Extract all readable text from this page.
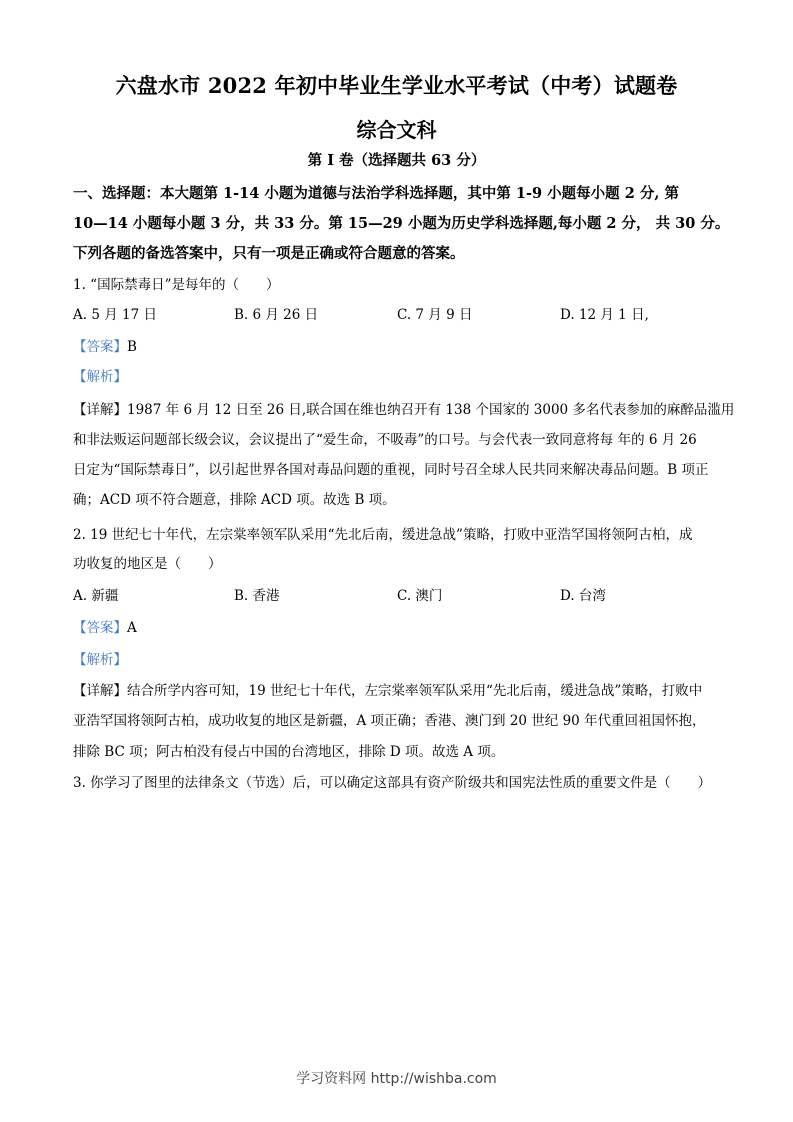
六盘水市 2022 年初中毕业生学业水平考试（中考）试题卷
综合文科
第 I 卷（选择题共 63 分）
一、选择题：本大题第 1-14 小题为道德与法治学科选择题，其中第 1-9 小题每小题 2 分, 第
10—14 小题每小题 3 分，共 33 分。第 15—29 小题为历史学科选择题,每小题 2 分， 共 30 分。
下列各题的备选答案中，只有一项是正确或符合题意的答案。
1. “国际禁毒日”是每年的（　　）
A. 5 月 17 日	B. 6 月 26 日	C. 7 月 9 日	D. 12 月 1 日,
【答案】B
【解析】
【详解】1987 年 6 月 12 日至 26 日,联合国在维也纳召开有 138 个国家的 3000 多名代表参加的麻醉品滥用
和非法贩运问题部长级会议，会议提出了“爱生命，不吸毒”的口号。与会代表一致同意将每 年的 6 月 26
日定为“国际禁毒日”，以引起世界各国对毒品问题的重视，同时号召全球人民共同来解决毒品问题。B 项正
确；ACD 项不符合题意，排除 ACD 项。故选 B 项。
2. 19 世纪七十年代，左宗棠率领军队采用“先北后南，缓进急战”策略，打败中亚浩罕国将领阿古柏，成
功收复的地区是（　　）
A. 新疆	B. 香港	C. 澳门	D. 台湾
【答案】A
【解析】
【详解】结合所学内容可知，19 世纪七十年代，左宗棠率领军队采用“先北后南，缓进急战”策略，打败中
亚浩罕国将领阿古柏，成功收复的地区是新疆，A 项正确；香港、澳门到 20 世纪 90 年代重回祖国怀抱，
排除 BC 项；阿古柏没有侵占中国的台湾地区，排除 D 项。故选 A 项。
3. 你学习了图里的法律条文（节选）后，可以确定这部具有资产阶级共和国宪法性质的重要文件是（　　）
学习资料网 http://wishba.com
